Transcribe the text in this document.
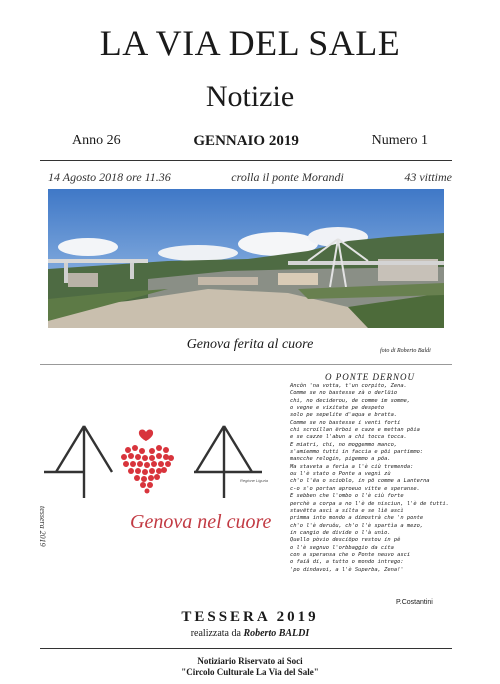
LA VIA DEL SALE
Notizie
Anno 26	GENNAIO 2019	Numero 1
14 Agosto 2018 ore 11.36	crolla il ponte Morandi	43 vittime
Genova ferita al cuore	foto di Roberto Baldi
Genova nel cuore
Regione Liguria
tessera 2019
O PONTE DERNOU
Ancôn 'na votta, t'un corpito, Zena.
Comme se no bastesse zà o derlüio
chi, no deciderou, de comme im somme,
o vegne e vixitate pe despeto
solo pe sepelite d'aqua e bratta.
Comme se no bastesse i venti forti
chi scroillan ërboi e caze e mettan pöia
e se cazze l'abun a chi tocca tocca.
E miatri, chi, no moggemmo manco,
s'amiemmo tutti in faccia e pöi partimmo:
mancche relogin, pigemmo a pöa.
Ma staveta a ferìa a l'è ciù tremenda:
ou l'è stato o Ponte a vegnì zù
ch'o l'ëa o scioblo, in pö comme a Lanterna
c-o s'o portan aproeuo vitte e speranse.
E sebben che l'ombo o l'è ciù forte
perchè a corpa a no l'è de nisciun, l'è de tutti.
stavëtta ascì a silta e se lìë ascì
primma into mondo a dimostrà che 'n ponte
ch'o l'è deruôu, ch'o l'è spartìa a mezo,
in cangio de divide o l'à unìo.
Quello pòvio desciöpo restou in pê
o l'è segnuo l'orbbaggio da cita
con a speransa che o Ponte neuvo asci
o faiâ di, a tutto o mondo intrego:
'po dindavoi, a l'è Superba, Zena!'
P.Costantini
TESSERA 2019
realizzata da Roberto BALDI
Notiziario Riservato ai Soci
"Circolo Culturale La Via del Sale"
